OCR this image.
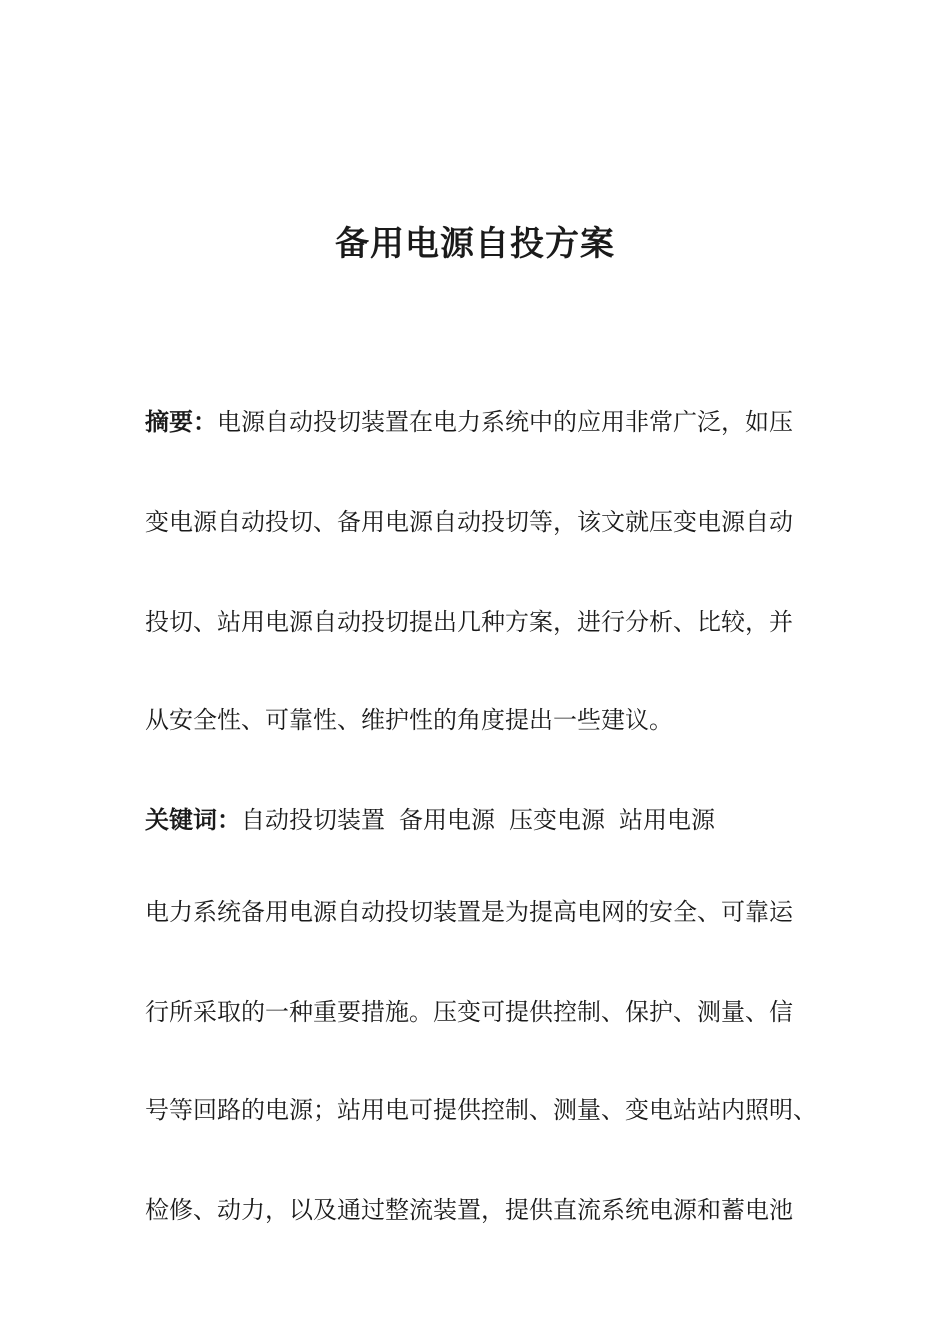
备用电源自投方案
摘要：电源自动投切装置在电力系统中的应用非常广泛，如压
变电源自动投切、备用电源自动投切等，该文就压变电源自动
投切、站用电源自动投切提出几种方案，进行分析、比较，并
从安全性、可靠性、维护性的角度提出一些建议。
关键词：自动投切装置 备用电源 压变电源 站用电源
电力系统备用电源自动投切装置是为提高电网的安全、可靠运
行所采取的一种重要措施。压变可提供控制、保护、测量、信
号等回路的电源；站用电可提供控制、测量、变电站站内照明、
检修、动力，以及通过整流装置，提供直流系统电源和蓄电池
